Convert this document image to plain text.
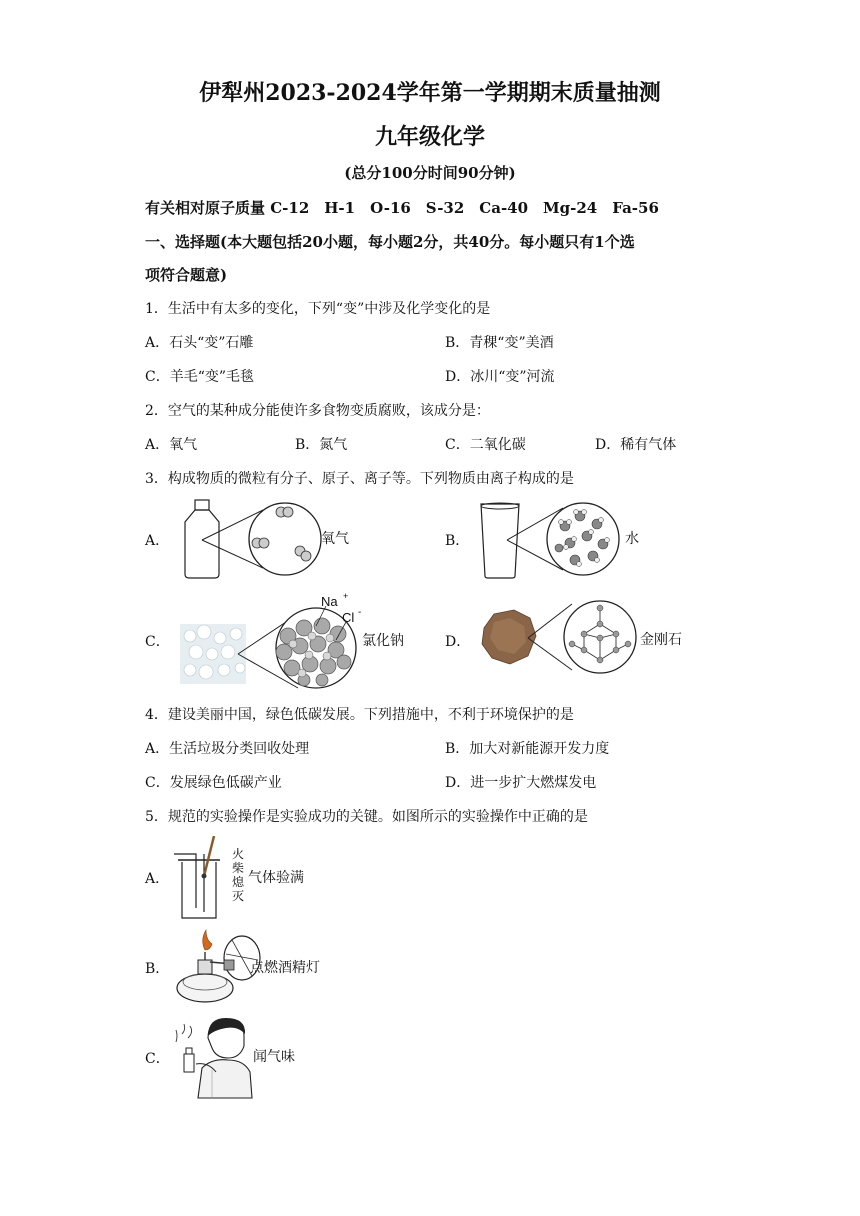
伊犁州2023-2024学年第一学期期末质量抽测
九年级化学
(总分100分时间90分钟)
有关相对原子质量 C-12　H-1　O-16　S-32　Ca-40　Mg-24　Fa-56
一、选择题(本大题包括20小题，每小题2分，共40分。每小题只有1个选
项符合题意)
1．生活中有太多的变化，下列“变”中涉及化学变化的是
A．石头“变”石雕	B．青稞“变”美酒
C．羊毛“变”毛毯	D．冰川“变”河流
2．空气的某种成分能使许多食物变质腐败，该成分是：
A．氧气	B．氮气	C．二氧化碳	D．稀有气体
3．构成物质的微粒有分子、原子、离子等。下列物质由离子构成的是
A．	氧气	B．	水
C．
Na +
Cl -
氯化钠	D．	金刚石
4．建设美丽中国，绿色低碳发展。下列措施中，不利于环境保护的是
A．生活垃圾分类回收处理	B．加大对新能源开发力度
C．发展绿色低碳产业	D．进一步扩大燃煤发电
5．规范的实验操作是实验成功的关键。如图所示的实验操作中正确的是
A．
火
柴
熄
灭
气体验满
B．	点燃酒精灯
C．	闻气味
